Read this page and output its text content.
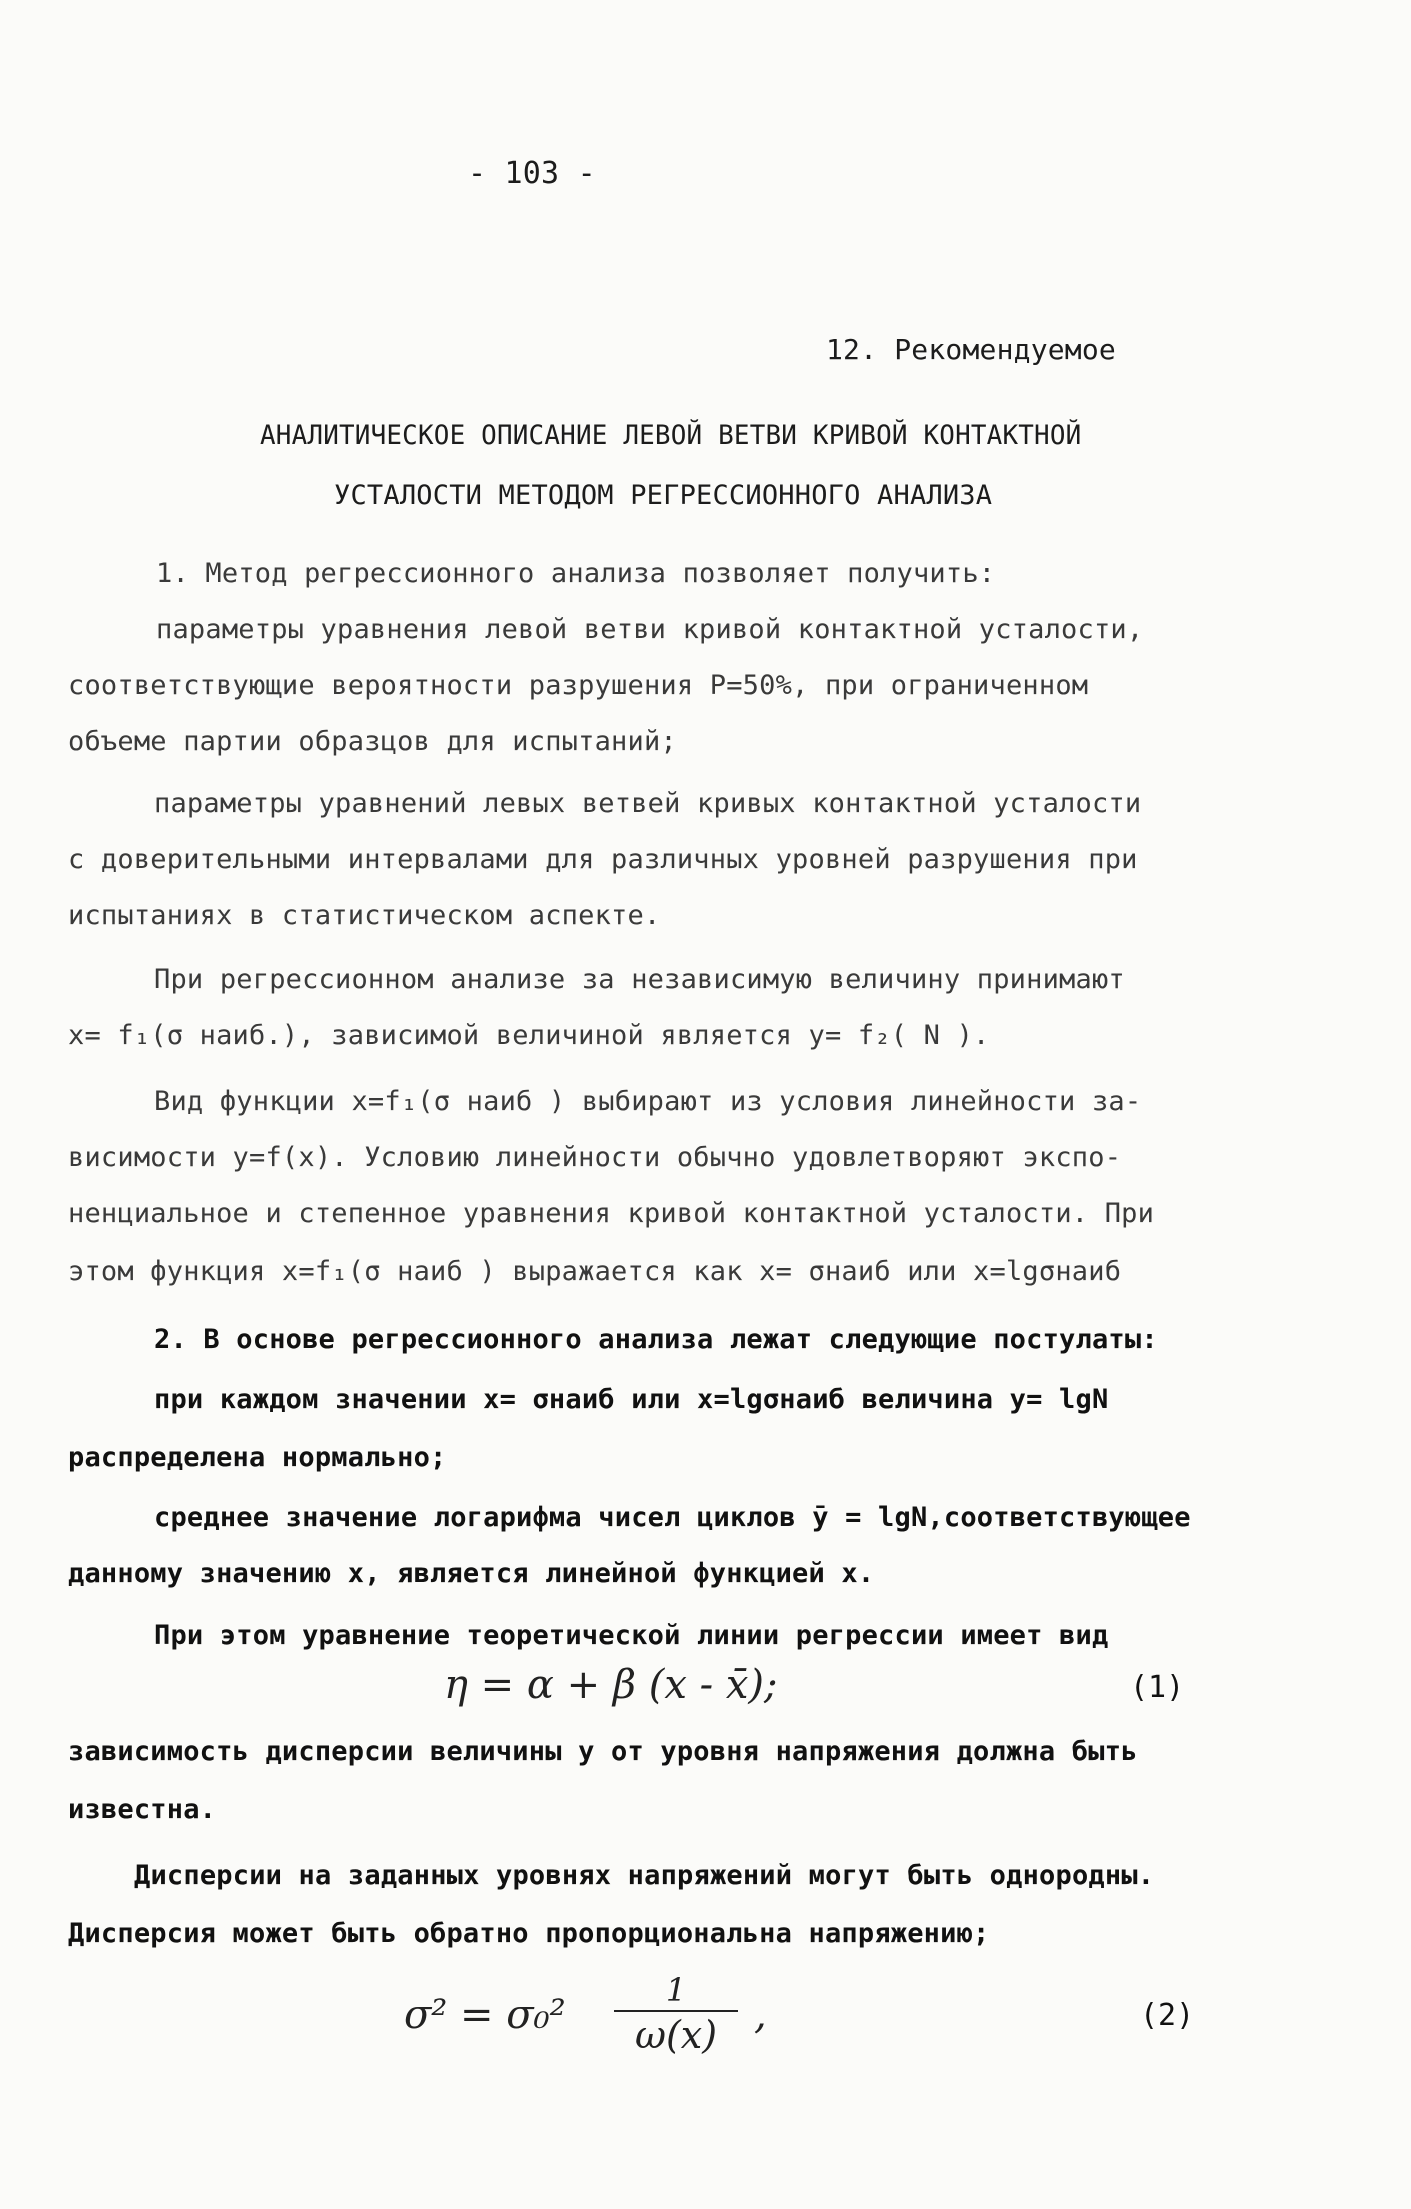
- 103 -
12. Рекомендуемое
АНАЛИТИЧЕСКОЕ ОПИСАНИЕ ЛЕВОЙ ВЕТВИ КРИВОЙ КОНТАКТНОЙ
УСТАЛОСТИ МЕТОДОМ РЕГРЕССИОННОГО АНАЛИЗА
1. Метод регрессионного анализа позволяет получить:
параметры уравнения левой ветви кривой контактной усталости,
соответствующие вероятности разрушения P=50%, при ограниченном
объеме партии образцов для испытаний;
параметры уравнений левых ветвей кривых контактной усталости
с доверительными интервалами для различных уровней разрушения при
испытаниях в статистическом аспекте.
При регрессионном анализе за независимую величину принимают
x= f₁(σ наиб.), зависимой величиной является y= f₂( N ).
Вид функции x=f₁(σ наиб ) выбирают из условия линейности за-
висимости y=f(x). Условию линейности обычно удовлетворяют экспо-
ненциальное и степенное уравнения кривой контактной усталости. При
этом функция x=f₁(σ наиб ) выражается как x= σнаиб или x=lgσнаиб
2. В основе регрессионного анализа лежат следующие постулаты:
при каждом значении x= σнаиб или x=lgσнаиб величина y= lgN
распределена нормально;
среднее значение логарифма чисел циклов ȳ = lgN,соответствующее
данному значению x, является линейной функцией x.
При этом уравнение теоретической линии регрессии имеет вид
η = α + β (x - x̄);	(1)
зависимость дисперсии величины y от уровня напряжения должна быть
известна.
Дисперсии на заданных уровнях напряжений могут быть однородны.
Дисперсия может быть обратно пропорциональна напряжению;
σ² = σ₀²
1
ω(x) ,	(2)
